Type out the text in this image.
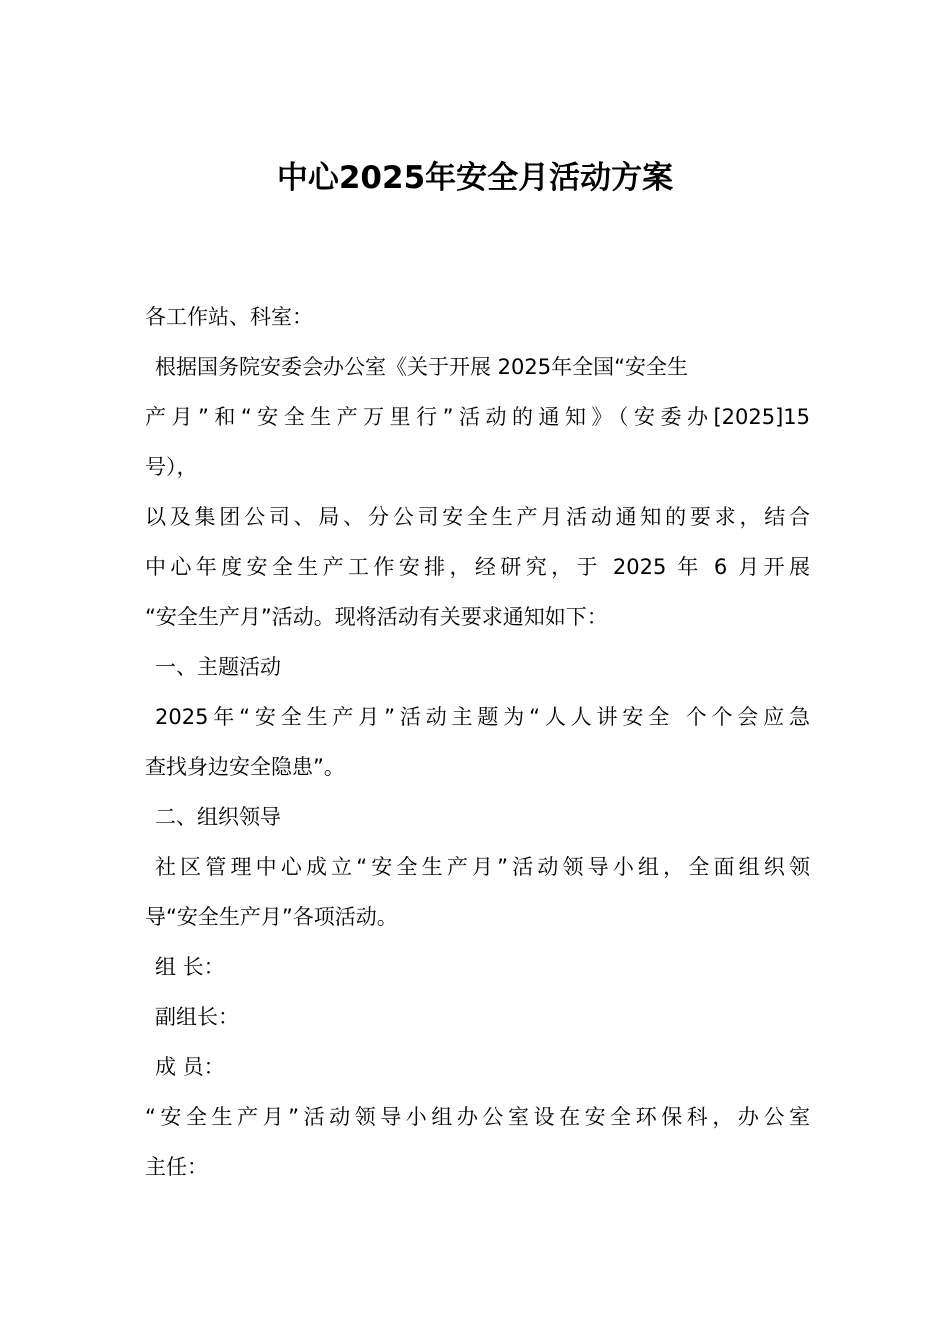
中心2025年安全月活动方案

各工作站、科室：

根据国务院安委会办公室《关于开展 2025年全国“安全生

产月”和“安全生产万里行”活动的通知》（安委办[2025]15

号），

以及集团公司、局、分公司安全生产月活动通知的要求，结合

中心年度安全生产工作安排，经研究，于 2025 年 6 月开展

“安全生产月”活动。现将活动有关要求通知如下：

一、主题活动

2025年“安全生产月”活动主题为“人人讲安全 个个会应急

查找身边安全隐患”。

二、组织领导

社区管理中心成立“安全生产月”活动领导小组，全面组织领

导“安全生产月”各项活动。

组 长：

副组长：

成 员：

“安全生产月”活动领导小组办公室设在安全环保科，办公室

主任：
